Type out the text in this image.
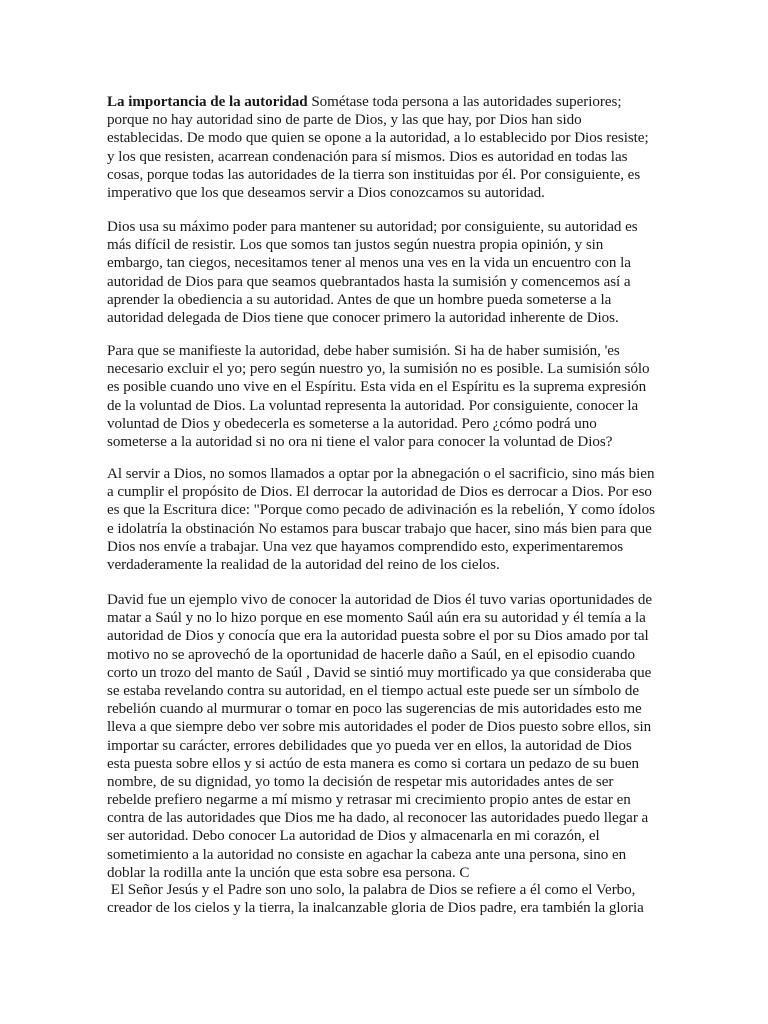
La importancia de la autoridad Sométase toda persona a las autoridades superiores;
porque no hay autoridad sino de parte de Dios, y las que hay, por Dios han sido
establecidas. De modo que quien se opone a la autoridad, a lo establecido por Dios resiste;
y los que resisten, acarrean condenación para sí mismos. Dios es autoridad en todas las
cosas, porque todas las autoridades de la tierra son instituidas por él. Por consiguiente, es
imperativo que los que deseamos servir a Dios conozcamos su autoridad.
Dios usa su máximo poder para mantener su autoridad; por consiguiente, su autoridad es
más difícil de resistir. Los que somos tan justos según nuestra propia opinión, y sin
embargo, tan ciegos, necesitamos tener al menos una ves en la vida un encuentro con la
autoridad de Dios para que seamos quebrantados hasta la sumisión y comencemos así a
aprender la obediencia a su autoridad. Antes de que un hombre pueda someterse a la
autoridad delegada de Dios tiene que conocer primero la autoridad inherente de Dios.
Para que se manifieste la autoridad, debe haber sumisión. Si ha de haber sumisión, 'es
necesario excluir el yo; pero según nuestro yo, la sumisión no es posible. La sumisión sólo
es posible cuando uno vive en el Espíritu. Esta vida en el Espíritu es la suprema expresión
de la voluntad de Dios. La voluntad representa la autoridad. Por consiguiente, conocer la
voluntad de Dios y obedecerla es someterse a la autoridad. Pero ¿cómo podrá uno
someterse a la autoridad si no ora ni tiene el valor para conocer la voluntad de Dios?
Al servir a Dios, no somos llamados a optar por la abnegación o el sacrificio, sino más bien
a cumplir el propósito de Dios. El derrocar la autoridad de Dios es derrocar a Dios. Por eso
es que la Escritura dice: "Porque como pecado de adivinación es la rebelión, Y como ídolos
e idolatría la obstinación No estamos para buscar trabajo que hacer, sino más bien para que
Dios nos envíe a trabajar. Una vez que hayamos comprendido esto, experimentaremos
verdaderamente la realidad de la autoridad del reino de los cielos.
David fue un ejemplo vivo de conocer la autoridad de Dios él tuvo varias oportunidades de
matar a Saúl y no lo hizo porque en ese momento Saúl aún era su autoridad y él temía a la
autoridad de Dios y conocía que era la autoridad puesta sobre el por su Dios amado por tal
motivo no se aprovechó de la oportunidad de hacerle daño a Saúl, en el episodio cuando
corto un trozo del manto de Saúl , David se sintió muy mortificado ya que consideraba que
se estaba revelando contra su autoridad, en el tiempo actual este puede ser un símbolo de
rebelión cuando al murmurar o tomar en poco las sugerencias de mis autoridades esto me
lleva a que siempre debo ver sobre mis autoridades el poder de Dios puesto sobre ellos, sin
importar su carácter, errores debilidades que yo pueda ver en ellos, la autoridad de Dios
esta puesta sobre ellos y si actúo de esta manera es como si cortara un pedazo de su buen
nombre, de su dignidad, yo tomo la decisión de respetar mis autoridades antes de ser
rebelde prefiero negarme a mí mismo y retrasar mi crecimiento propio antes de estar en
contra de las autoridades que Dios me ha dado, al reconocer las autoridades puedo llegar a
ser autoridad. Debo conocer La autoridad de Dios y almacenarla en mi corazón, el
sometimiento a la autoridad no consiste en agachar la cabeza ante una persona, sino en
doblar la rodilla ante la unción que esta sobre esa persona. C
El Señor Jesús y el Padre son uno solo, la palabra de Dios se refiere a él como el Verbo,
creador de los cielos y la tierra, la inalcanzable gloria de Dios padre, era también la gloria
